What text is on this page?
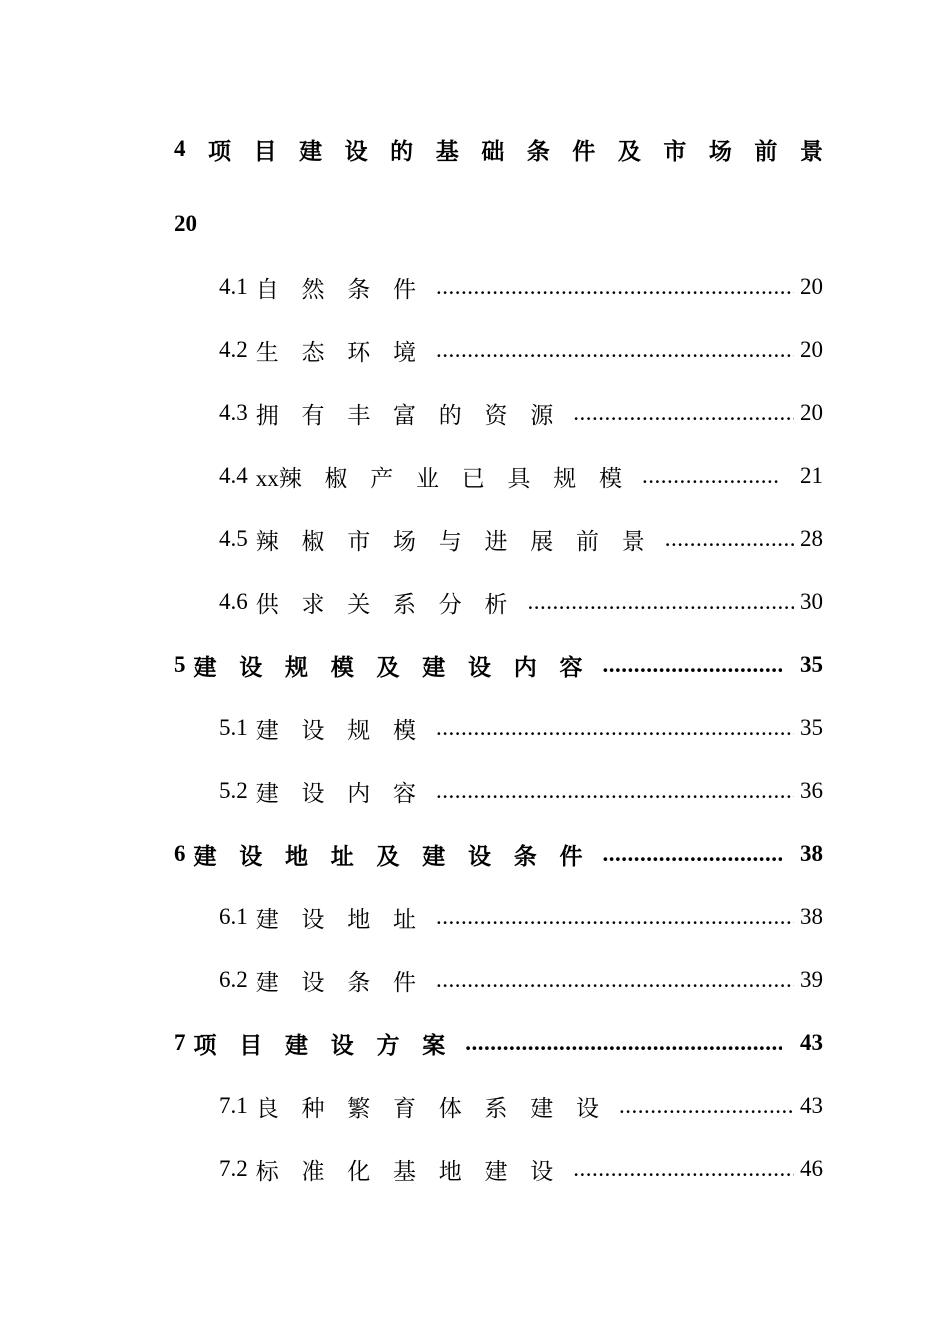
4 项 目 建 设 的 基 础 条 件 及 市 场 前 景
20
4.1 自 然 条 件 .....	20
4.2 生 态 环 境 .....	20
4.3 拥 有 丰 富 的 资 源 .....	20
4.4 xx辣 椒 产 业 已 具 规 模 .....	21
4.5 辣 椒 市 场 与 进 展 前 景 .....	28
4.6 供 求 关 系 分 析 .....	30
5 建 设 规 模 及 建 设 内 容 .....	35
5.1 建 设 规 模 .....	35
5.2 建 设 内 容 .....	36
6 建 设 地 址 及 建 设 条 件 .....	38
6.1 建 设 地 址 .....	38
6.2 建 设 条 件 .....	39
7 项 目 建 设 方 案 .....	43
7.1 良 种 繁 育 体 系 建 设 .....	43
7.2 标 准 化 基 地 建 设 .....	46
